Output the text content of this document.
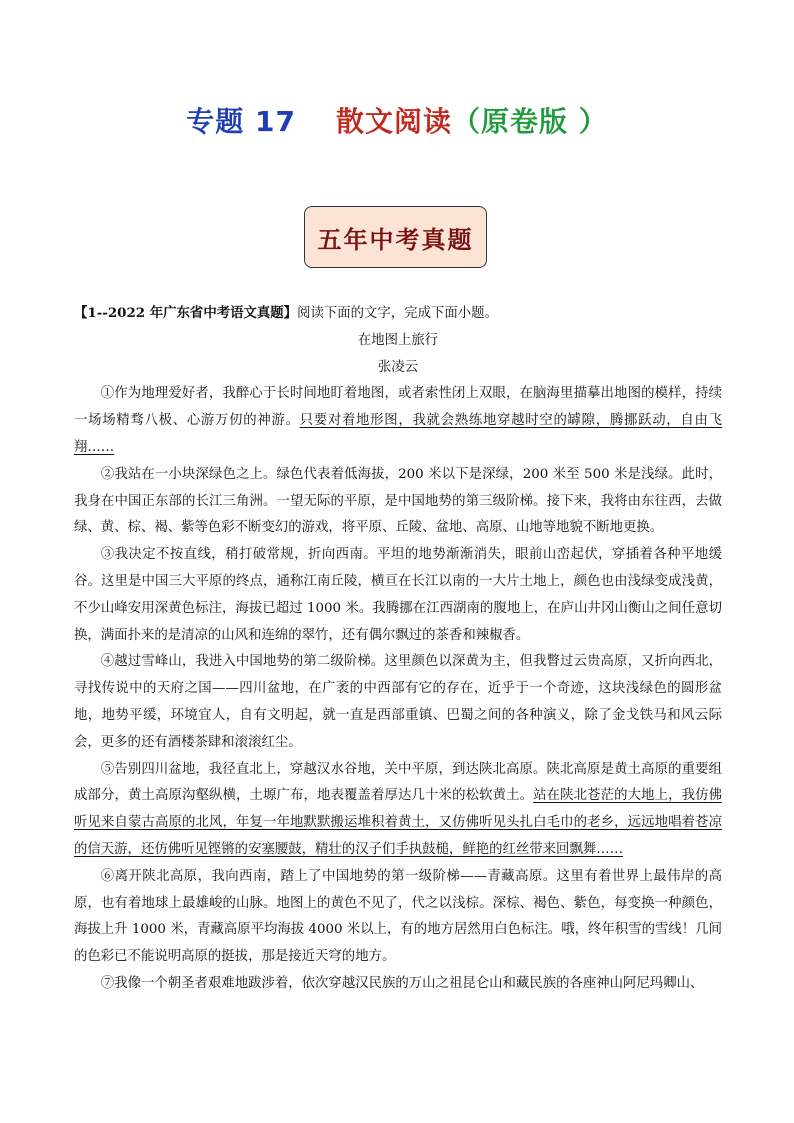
专题 17 散文阅读（原卷版 ）
五年中考真题

【1--2022 年广东省中考语文真题】阅读下面的文字，完成下面小题。

在地图上旅行

张凌云

①作为地理爱好者，我醉心于长时间地盯着地图，或者索性闭上双眼，在脑海里描摹出地图的模样，持续一场场精骛八极、心游万仞的神游。只要对着地形图，我就会熟练地穿越时空的罅隙，腾挪跃动，自由飞翔……

②我站在一小块深绿色之上。绿色代表着低海拔，200 米以下是深绿，200 米至 500 米是浅绿。此时，我身在中国正东部的长江三角洲。一望无际的平原，是中国地势的第三级阶梯。接下来，我将由东往西，去做绿、黄、棕、褐、紫等色彩不断变幻的游戏，将平原、丘陵、盆地、高原、山地等地貌不断地更换。

③我决定不按直线，稍打破常规，折向西南。平坦的地势渐渐消失，眼前山峦起伏，穿插着各种平地缓谷。这里是中国三大平原的终点，通称江南丘陵，横亘在长江以南的一大片土地上，颜色也由浅绿变成浅黄，不少山峰安用深黄色标注，海拔已超过 1000 米。我腾挪在江西湖南的腹地上，在庐山井冈山衡山之间任意切换，满面扑来的是清凉的山风和连绵的翠竹，还有偶尔飘过的茶香和辣椒香。

④越过雪峰山，我进入中国地势的第二级阶梯。这里颜色以深黄为主，但我瞥过云贵高原，又折向西北，寻找传说中的天府之国——四川盆地，在广袤的中西部有它的存在，近乎于一个奇迹，这块浅绿色的圆形盆地，地势平缓，环境宜人，自有文明起，就一直是西部重镇、巴蜀之间的各种演义，除了金戈铁马和风云际会，更多的还有酒楼茶肆和滚滚红尘。

⑤告别四川盆地，我径直北上，穿越汉水谷地，关中平原，到达陕北高原。陕北高原是黄土高原的重要组成部分，黄土高原沟壑纵横，土塬广布，地表覆盖着厚达几十米的松软黄土。站在陕北苍茫的大地上，我仿佛听见来自蒙古高原的北风，年复一年地默默搬运堆积着黄土，又仿佛听见头扎白毛巾的老乡，远远地唱着苍凉的信天游，还仿佛听见铿锵的安塞腰鼓，精壮的汉子们手执鼓槌，鲜艳的红丝带来回飘舞……

⑥离开陕北高原，我向西南，踏上了中国地势的第一级阶梯——青藏高原。这里有着世界上最伟岸的高原，也有着地球上最雄峻的山脉。地图上的黄色不见了，代之以浅棕。深棕、褐色、紫色，每变换一种颜色，海拔上升 1000 米，青藏高原平均海拔 4000 米以上，有的地方居然用白色标注。哦，终年积雪的雪线！几间的色彩已不能说明高原的挺拔，那是接近天穹的地方。

⑦我像一个朝圣者艰难地跋涉着，依次穿越汉民族的万山之祖昆仑山和藏民族的各座神山阿尼玛卿山、
